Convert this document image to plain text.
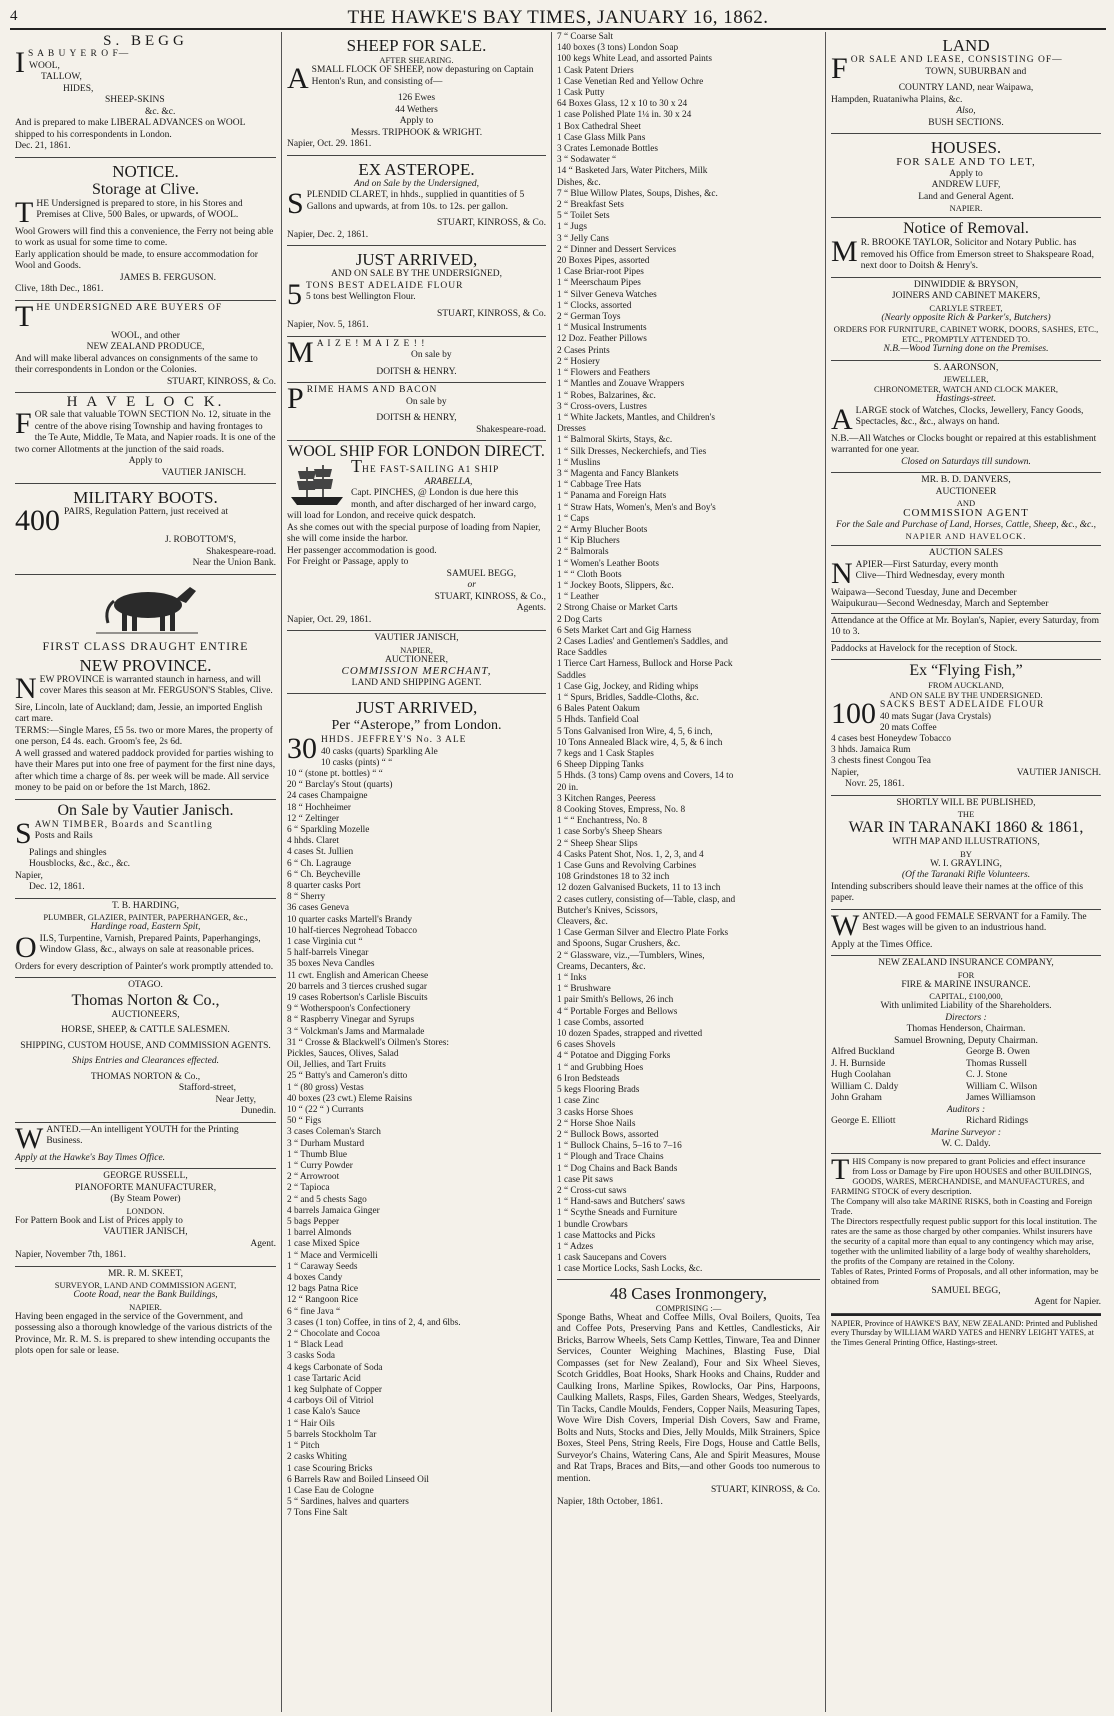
4	THE HAWKE'S BAY TIMES, JANUARY 16, 1862.
S. BEGG
I S A B U Y E R O F—
WOOL,
TALLOW,
HIDES,
SHEEP-SKINS
&c. &c.
And is prepared to make LIBERAL ADVANCES on WOOL shipped to his correspondents in London.
Dec. 21, 1861.
NOTICE.
Storage at Clive.
THE Undersigned is prepared to store, in his Stores and Premises at Clive, 500 Bales, or upwards, of WOOL.
Wool Growers will find this a convenience, the Ferry not being able to work as usual for some time to come.
Early application should be made, to ensure accommodation for Wool and Goods.
JAMES B. FERGUSON.
Clive, 18th Dec., 1861.
THE UNDERSIGNED ARE BUYERS OF
WOOL, and other
NEW ZEALAND PRODUCE,
And will make liberal advances on consignments of the same to their correspondents in London or the Colonies.
STUART, KINROSS, & Co.
H A V E L O C K.
FOR sale that valuable TOWN SECTION No. 12, situate in the centre of the above rising Township and having frontages to the Te Aute, Middle, Te Mata, and Napier roads. It is one of the two corner Allotments at the junction of the said roads.
Apply to
VAUTIER JANISCH.
MILITARY BOOTS.
400 PAIRS, Regulation Pattern, just received at
J. ROBOTTOM'S,
Shakespeare-road.
Near the Union Bank.
FIRST CLASS DRAUGHT ENTIRE
NEW PROVINCE.
NEW PROVINCE is warranted staunch in harness, and will cover Mares this season at Mr. FERGUSON'S Stables, Clive.
Sire, Lincoln, late of Auckland; dam, Jessie, an imported English cart mare.
TERMS:—Single Mares, £5 5s. two or more Mares, the property of one person, £4 4s. each. Groom's fee, 2s 6d.
A well grassed and watered paddock provided for parties wishing to have their Mares put into one free of payment for the first nine days, after which time a charge of 8s. per week will be made. All service money to be paid on or before the 1st March, 1862.
On Sale by Vautier Janisch.
SAWN TIMBER, Boards and Scantling
Posts and Rails
Palings and shingles
Housblocks, &c., &c., &c.
Napier,
Dec. 12, 1861.
T. B. HARDING,
PLUMBER, GLAZIER, PAINTER, PAPERHANGER, &c.,
Hardinge road, Eastern Spit,
OILS, Turpentine, Varnish, Prepared Paints, Paperhangings, Window Glass, &c., always on sale at reasonable prices.
Orders for every description of Painter's work promptly attended to.
OTAGO.
Thomas Norton & Co.,
AUCTIONEERS,
HORSE, SHEEP, & CATTLE SALESMEN.
SHIPPING, CUSTOM HOUSE, AND COMMISSION AGENTS.
Ships Entries and Clearances effected.
THOMAS NORTON & Co.,
Stafford-street,
Near Jetty,
Dunedin.
WANTED.—An intelligent YOUTH for the Printing Business.
Apply at the Hawke's Bay Times Office.
GEORGE RUSSELL,
PIANOFORTE MANUFACTURER,
(By Steam Power)
LONDON.
For Pattern Book and List of Prices apply to
VAUTIER JANISCH,
Agent.
Napier, November 7th, 1861.
MR. R. M. SKEET,
SURVEYOR, LAND AND COMMISSION AGENT,
Coote Road, near the Bank Buildings,
NAPIER.
Having been engaged in the service of the Government, and possessing also a thorough knowledge of the various districts of the Province, Mr. R. M. S. is prepared to shew intending occupants the plots open for sale or lease.
SHEEP FOR SALE.
AFTER SHEARING.
ASMALL FLOCK OF SHEEP, now depasturing on Captain Henton's Run, and consisting of—
126 Ewes
44 Wethers
Apply to
Messrs. TRIPHOOK & WRIGHT.
Napier, Oct. 29. 1861.
EX ASTEROPE.
And on Sale by the Undersigned,
SPLENDID CLARET, in hhds., supplied in quantities of 5 Gallons and upwards, at from 10s. to 12s. per gallon.
STUART, KINROSS, & Co.
Napier, Dec. 2, 1861.
JUST ARRIVED,
AND ON SALE BY THE UNDERSIGNED,
5 TONS BEST ADELAIDE FLOUR
5 tons best Wellington Flour.
STUART, KINROSS, & Co.
Napier, Nov. 5, 1861.
M A I Z E ! M A I Z E ! !
On sale by
DOITSH & HENRY.
PRIME HAMS AND BACON
On sale by
DOITSH & HENRY,
Shakespeare-road.
WOOL SHIP FOR LONDON DIRECT.
THE FAST-SAILING A1 SHIP
ARABELLA,
Capt. PINCHES, @ London is due here this month, and after discharged of her inward cargo, will load for London, and receive quick despatch.
As she comes out with the special purpose of loading from Napier, she will come inside the harbor.
Her passenger accommodation is good.
For Freight or Passage, apply to
SAMUEL BEGG,
or
STUART, KINROSS, & Co.,
Agents.
Napier, Oct. 29, 1861.
VAUTIER JANISCH,
NAPIER,
AUCTIONEER,
COMMISSION MERCHANT,
LAND AND SHIPPING AGENT.
JUST ARRIVED,
Per “Asterope,” from London.
30 HHDS. JEFFREY'S No. 3 ALE
40 casks (quarts) Sparkling Ale
10 casks (pints) “ “
10 “ (stone pt. bottles) “ “
20 “ Barclay's Stout (quarts)
24 cases Champaigne
18 “ Hochheimer
12 “ Zeltinger
6 “ Sparkling Mozelle
4 hhds. Claret
4 cases St. Jullien
6 “ Ch. Lagrauge
6 “ Ch. Beycheville
8 quarter casks Port
8 “ Sherry
36 cases Geneva
10 quarter casks Martell's Brandy
10 half-tierces Negrohead Tobacco
1 case Virginia cut “
5 half-barrels Vinegar
35 boxes Neva Candles
11 cwt. English and American Cheese
20 barrels and 3 tierces crushed sugar
19 cases Robertson's Carlisle Biscuits
9 “ Wotherspoon's Confectionery
8 “ Raspberry Vinegar and Syrups
3 “ Volckman's Jams and Marmalade
31 “ Crosse & Blackwell's Oilmen's Stores:
Pickles, Sauces, Olives, Salad
Oil, Jellies, and Tart Fruits
25 “ Batty's and Cameron's ditto
1 “ (80 gross) Vestas
40 boxes (23 cwt.) Eleme Raisins
10 “ (22 “ ) Currants
50 “ Figs
3 cases Coleman's Starch
3 “ Durham Mustard
1 “ Thumb Blue
1 “ Curry Powder
2 “ Arrowroot
2 “ Tapioca
2 “ and 5 chests Sago
4 barrels Jamaica Ginger
5 bags Pepper
1 barrel Almonds
1 case Mixed Spice
1 “ Mace and Vermicelli
1 “ Caraway Seeds
4 boxes Candy
12 bags Patna Rice
12 “ Rangoon Rice
6 “ fine Java “
3 cases (1 ton) Coffee, in tins of 2, 4, and 6lbs.
2 “ Chocolate and Cocoa
1 “ Black Lead
3 casks Soda
4 kegs Carbonate of Soda
1 case Tartaric Acid
1 keg Sulphate of Copper
4 carboys Oil of Vitriol
1 case Kalo's Sauce
1 “ Hair Oils
5 barrels Stockholm Tar
1 “ Pitch
2 casks Whiting
1 case Scouring Bricks
6 Barrels Raw and Boiled Linseed Oil
1 Case Eau de Cologne
5 “ Sardines, halves and quarters
7 Tons Fine Salt
7 “ Coarse Salt
140 boxes (3 tons) London Soap
100 kegs White Lead, and assorted Paints
1 Cask Patent Driers
1 Case Venetian Red and Yellow Ochre
1 Cask Putty
64 Boxes Glass, 12 x 10 to 30 x 24
1 case Polished Plate 1¼ in. 30 x 24
1 Box Cathedral Sheet
1 Case Glass Milk Pans
3 Crates Lemonade Bottles
3 “ Sodawater “
14 “ Basketed Jars, Water Pitchers, Milk
Dishes, &c.
7 “ Blue Willow Plates, Soups, Dishes, &c.
2 “ Breakfast Sets
5 “ Toilet Sets
1 “ Jugs
3 “ Jelly Cans
2 “ Dinner and Dessert Services
20 Boxes Pipes, assorted
1 Case Briar-root Pipes
1 “ Meerschaum Pipes
1 “ Silver Geneva Watches
1 “ Clocks, assorted
2 “ German Toys
1 “ Musical Instruments
12 Doz. Feather Pillows
2 Cases Prints
2 “ Hosiery
1 “ Flowers and Feathers
1 “ Mantles and Zouave Wrappers
1 “ Robes, Balzarines, &c.
3 “ Cross-overs, Lustres
1 “ White Jackets, Mantles, and Children's
Dresses
1 “ Balmoral Skirts, Stays, &c.
1 “ Silk Dresses, Neckerchiefs, and Ties
1 “ Muslins
3 “ Magenta and Fancy Blankets
1 “ Cabbage Tree Hats
1 “ Panama and Foreign Hats
1 “ Straw Hats, Women's, Men's and Boy's
1 “ Caps
2 “ Army Blucher Boots
1 “ Kip Bluchers
2 “ Balmorals
1 “ Women's Leather Boots
1 “ “ Cloth Boots
1 “ Jockey Boots, Slippers, &c.
1 “ Leather
2 Strong Chaise or Market Carts
2 Dog Carts
6 Sets Market Cart and Gig Harness
2 Cases Ladies' and Gentlemen's Saddles, and
Race Saddles
1 Tierce Cart Harness, Bullock and Horse Pack
Saddles
1 Case Gig, Jockey, and Riding whips
1 “ Spurs, Bridles, Saddle-Cloths, &c.
6 Bales Patent Oakum
5 Hhds. Tanfield Coal
5 Tons Galvanised Iron Wire, 4, 5, 6 inch,
10 Tons Annealed Black wire, 4, 5, & 6 inch
7 kegs and 1 Cask Staples
6 Sheep Dipping Tanks
5 Hhds. (3 tons) Camp ovens and Covers, 14 to
20 in.
3 Kitchen Ranges, Peeress
8 Cooking Stoves, Empress, No. 8
1 “ “ Enchantress, No. 8
1 case Sorby's Sheep Shears
2 “ Sheep Shear Slips
4 Casks Patent Shot, Nos. 1, 2, 3, and 4
1 Case Guns and Revolving Carbines
108 Grindstones 18 to 32 inch
12 dozen Galvanised Buckets, 11 to 13 inch
2 cases cutlery, consisting of—Table, clasp, and
Butcher's Knives, Scissors,
Cleavers, &c.
1 Case German Silver and Electro Plate Forks
and Spoons, Sugar Crushers, &c.
2 “ Glassware, viz.,—Tumblers, Wines,
Creams, Decanters, &c.
1 “ Inks
1 “ Brushware
1 pair Smith's Bellows, 26 inch
4 “ Portable Forges and Bellows
1 case Combs, assorted
10 dozen Spades, strapped and rivetted
6 cases Shovels
4 “ Potatoe and Digging Forks
1 “ and Grubbing Hoes
6 Iron Bedsteads
5 kegs Flooring Brads
1 case Zinc
3 casks Horse Shoes
2 “ Horse Shoe Nails
2 “ Bullock Bows, assorted
1 “ Bullock Chains, 5–16 to 7–16
1 “ Plough and Trace Chains
1 “ Dog Chains and Back Bands
1 case Pit saws
2 “ Cross-cut saws
1 “ Hand-saws and Butchers' saws
1 “ Scythe Sneads and Furniture
1 bundle Crowbars
1 case Mattocks and Picks
1 “ Adzes
1 cask Saucepans and Covers
1 case Mortice Locks, Sash Locks, &c.
48 Cases Ironmongery,
COMPRISING :—
Sponge Baths, Wheat and Coffee Mills, Oval Boilers, Quoits, Tea and Coffee Pots, Preserving Pans and Kettles, Candlesticks, Air Bricks, Barrow Wheels, Sets Camp Kettles, Tinware, Tea and Dinner Services, Counter Weighing Machines, Blasting Fuse, Dial Compasses (set for New Zealand), Four and Six Wheel Sieves, Scotch Griddles, Boat Hooks, Shark Hooks and Chains, Rudder and Caulking Irons, Marline Spikes, Rowlocks, Oar Pins, Harpoons, Caulking Mallets, Rasps, Files, Garden Shears, Wedges, Steelyards, Tin Tacks, Candle Moulds, Fenders, Copper Nails, Measuring Tapes, Wove Wire Dish Covers, Imperial Dish Covers, Saw and Frame, Bolts and Nuts, Stocks and Dies, Jelly Moulds, Milk Strainers, Spice Boxes, Steel Pens, String Reels, Fire Dogs, House and Cattle Bells, Surveyor's Chains, Watering Cans, Ale and Spirit Measures, Mouse and Rat Traps, Braces and Bits,—and other Goods too numerous to mention.
STUART, KINROSS, & Co.
Napier, 18th October, 1861.
LAND
FOR SALE AND LEASE, CONSISTING OF—
TOWN, SUBURBAN and
COUNTRY LAND, near Waipawa,
Hampden, Ruataniwha Plains, &c.
Also,
BUSH SECTIONS.
HOUSES.
FOR SALE AND TO LET,
Apply to
ANDREW LUFF,
Land and General Agent.
NAPIER.
Notice of Removal.
M R. BROOKE TAYLOR, Solicitor and Notary Public. has removed his Office from Emerson street to Shakspeare Road, next door to Doitsh & Henry's.
DINWIDDIE & BRYSON,
JOINERS AND CABINET MAKERS,
CARLYLE STREET,
(Nearly opposite Rich & Parker's, Butchers)
ORDERS FOR FURNITURE, CABINET WORK, DOORS, SASHES, ETC., ETC., PROMPTLY ATTENDED TO.
N.B.—Wood Turning done on the Premises.
S. AARONSON,
JEWELLER,
CHRONOMETER, WATCH AND CLOCK MAKER,
Hastings-street.
ALARGE stock of Watches, Clocks, Jewellery, Fancy Goods, Spectacles, &c., &c., always on hand.
N.B.—All Watches or Clocks bought or repaired at this establishment warranted for one year.
Closed on Saturdays till sundown.
MR. B. D. DANVERS,
AUCTIONEER
AND
COMMISSION AGENT
For the Sale and Purchase of Land, Horses, Cattle, Sheep, &c., &c.,
NAPIER AND HAVELOCK.
AUCTION SALES
NAPIER—First Saturday, every month
Clive—Third Wednesday, every month
Waipawa—Second Tuesday, June and December
Waipukurau—Second Wednesday, March and September
Attendance at the Office at Mr. Boylan's, Napier, every Saturday, from 10 to 3.
Paddocks at Havelock for the reception of Stock.
Ex “Flying Fish,”
FROM AUCKLAND,
AND ON SALE BY THE UNDERSIGNED.
100 SACKS BEST ADELAIDE FLOUR
40 mats Sugar (Java Crystals)
20 mats Coffee
4 cases best Honeydew Tobacco
3 hhds. Jamaica Rum
3 chests finest Congou Tea
Napier,	VAUTIER JANISCH.
Novr. 25, 1861.
SHORTLY WILL BE PUBLISHED,
THE
WAR IN TARANAKI 1860 & 1861,
WITH MAP AND ILLUSTRATIONS,
BY
W. I. GRAYLING,
(Of the Taranaki Rifle Volunteers.
Intending subscribers should leave their names at the office of this paper.
WANTED.—A good FEMALE SERVANT for a Family. The Best wages will be given to an industrious hand.
Apply at the Times Office.
NEW ZEALAND INSURANCE COMPANY,
FOR
FIRE & MARINE INSURANCE.
CAPITAL, £100,000,
With unlimited Liability of the Shareholders.
Directors :
Thomas Henderson, Chairman.
Samuel Browning, Deputy Chairman.
Alfred Buckland	George B. Owen
J. H. Burnside	Thomas Russell
Hugh Coolahan	C. J. Stone
William C. Daldy	William C. Wilson
John Graham	James Williamson
Auditors :
George E. Elliott	Richard Ridings
Marine Surveyor :
W. C. Daldy.
THIS Company is now prepared to grant Policies and effect insurance from Loss or Damage by Fire upon HOUSES and other BUILDINGS, GOODS, WARES, MERCHANDISE, and MANUFACTURES, and FARMING STOCK of every description.
The Company will also take MARINE RISKS, both in Coasting and Foreign Trade.
The Directors respectfully request public support for this local institution. The rates are the same as those charged by other companies. Whilst insurers have the security of a capital more than equal to any contingency which may arise, together with the unlimited liability of a large body of wealthy shareholders, the profits of the Company are retained in the Colony.
Tables of Rates, Printed Forms of Proposals, and all other information, may be obtained from
SAMUEL BEGG,
Agent for Napier.
NAPIER, Province of HAWKE'S BAY, NEW ZEALAND: Printed and Published every Thursday by WILLIAM WARD YATES and HENRY LEIGHT YATES, at the Times General Printing Office, Hastings-street.
